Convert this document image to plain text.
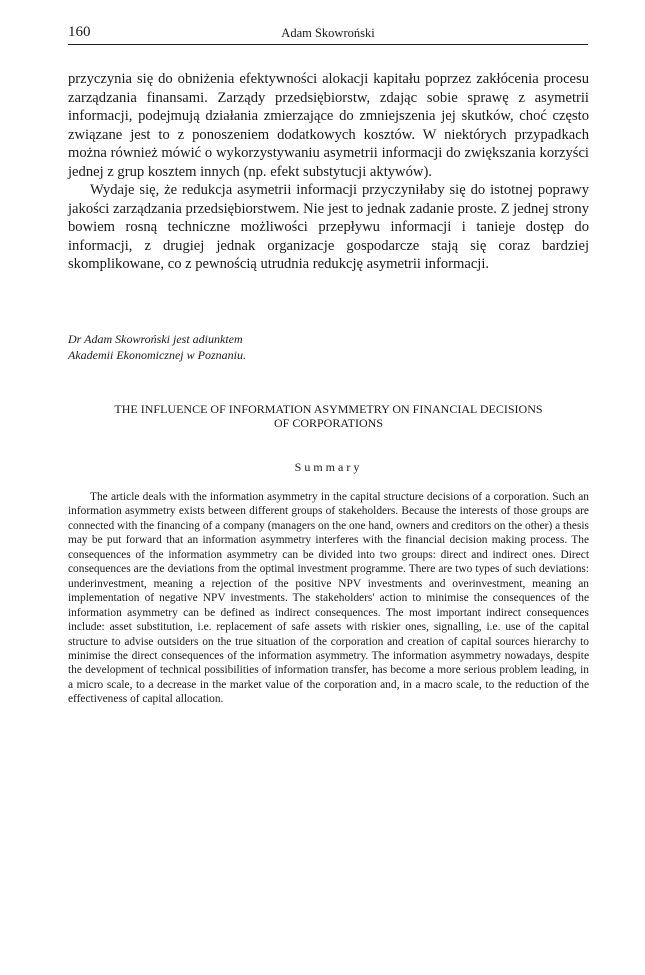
160	Adam Skowroński

przyczynia się do obniżenia efektywności alokacji kapitału poprzez zakłócenia procesu zarządzania finansami. Zarządy przedsiębiorstw, zdając sobie sprawę z asymetrii informacji, podejmują działania zmierzające do zmniejszenia jej skutków, choć często związane jest to z ponoszeniem dodatkowych kosztów. W niektórych przypadkach można również mówić o wykorzystywaniu asymetrii informacji do zwiększania korzyści jednej z grup kosztem innych (np. efekt substytucji aktywów).

Wydaje się, że redukcja asymetrii informacji przyczyniłaby się do istotnej poprawy jakości zarządzania przedsiębiorstwem. Nie jest to jednak zadanie proste. Z jednej strony bowiem rosną techniczne możliwości przepływu informacji i tanieje dostęp do informacji, z drugiej jednak organizacje gospodarcze stają się coraz bardziej skomplikowane, co z pewnością utrudnia redukcję asymetrii informacji.

Dr Adam Skowroński jest adiunktem
Akademii Ekonomicznej w Poznaniu.
THE INFLUENCE OF INFORMATION ASYMMETRY ON FINANCIAL DECISIONS
OF CORPORATIONS
Summary
The article deals with the information asymmetry in the capital structure decisions of a corporation. Such an information asymmetry exists between different groups of stakeholders. Because the interests of those groups are connected with the financing of a company (managers on the one hand, owners and creditors on the other) a thesis may be put forward that an information asymmetry interferes with the financial decision making process. The consequences of the information asymmetry can be divided into two groups: direct and indirect ones. Direct consequences are the deviations from the optimal investment programme. There are two types of such deviations: underinvestment, meaning a rejection of the positive NPV investments and overinvestment, meaning an implementation of negative NPV investments. The stakeholders' action to minimise the consequences of the information asymmetry can be defined as indirect consequences. The most important indirect consequences include: asset substitution, i.e. replacement of safe assets with riskier ones, signalling, i.e. use of the capital structure to advise outsiders on the true situation of the corporation and creation of capital sources hierarchy to minimise the direct consequences of the information asymmetry. The information asymmetry nowadays, despite the development of technical possibilities of information transfer, has become a more serious problem leading, in a micro scale, to a decrease in the market value of the corporation and, in a macro scale, to the reduction of the effectiveness of capital allocation.
